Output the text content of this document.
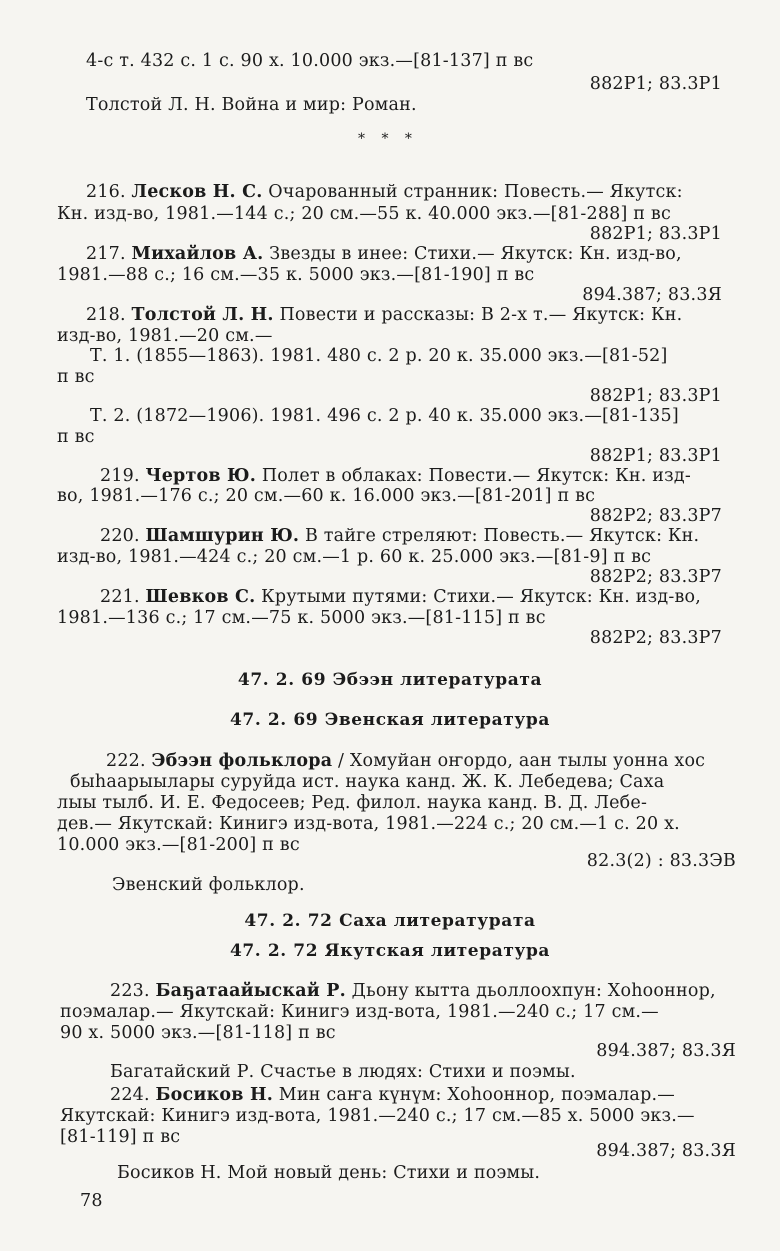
4-с т. 432 с. 1 с. 90 х. 10.000 экз.—[81-137] п вс
882Р1; 83.3Р1
Толстой Л. Н. Война и мир: Роман.
* * *
216. Лесков Н. С. Очарованный странник: Повесть.— Якутск:
Кн. изд-во, 1981.—144 с.; 20 см.—55 к. 40.000 экз.—[81-288] п вс
882Р1; 83.3Р1
217. Михайлов А. Звезды в инее: Стихи.— Якутск: Кн. изд-во,
1981.—88 с.; 16 см.—35 к. 5000 экз.—[81-190] п вс
894.387; 83.3Я
218. Толстой Л. Н. Повести и рассказы: В 2-х т.— Якутск: Кн.
изд-во, 1981.—20 см.—
Т. 1. (1855—1863). 1981. 480 с. 2 р. 20 к. 35.000 экз.—[81-52]
п вс
882Р1; 83.3Р1
Т. 2. (1872—1906). 1981. 496 с. 2 р. 40 к. 35.000 экз.—[81-135]
п вс
882Р1; 83.3Р1
219. Чертов Ю. Полет в облаках: Повести.— Якутск: Кн. изд-
во, 1981.—176 с.; 20 см.—60 к. 16.000 экз.—[81-201] п вс
882Р2; 83.3Р7
220. Шамшурин Ю. В тайге стреляют: Повесть.— Якутск: Кн.
изд-во, 1981.—424 с.; 20 см.—1 р. 60 к. 25.000 экз.—[81-9] п вс
882Р2; 83.3Р7
221. Шевков С. Крутыми путями: Стихи.— Якутск: Кн. изд-во,
1981.—136 с.; 17 см.—75 к. 5000 экз.—[81-115] п вс
882Р2; 83.3Р7
47. 2. 69 Эбээн литературата
47. 2. 69 Эвенская литература
222. Эбээн фольклора / Хомуйан оҥордо, аан тылы уонна хос
быһаарыылары суруйда ист. наука канд. Ж. К. Лебедева; Саха
лыы тылб. И. Е. Федосеев; Ред. филол. наука канд. В. Д. Лебе-
дев.— Якутскай: Кинигэ изд-вота, 1981.—224 с.; 20 см.—1 с. 20 х.
10.000 экз.—[81-200] п вс
82.3(2) : 83.3ЭВ
Эвенский фольклор.
47. 2. 72 Саха литературата
47. 2. 72 Якутская литература
223. Баҕатаайыскай Р. Дьону кытта дьоллоохпун: Хоһооннор,
поэмалар.— Якутскай: Кинигэ изд-вота, 1981.—240 с.; 17 см.—
90 х. 5000 экз.—[81-118] п вс
894.387; 83.3Я
Багатайский Р. Счастье в людях: Стихи и поэмы.
224. Босиков Н. Мин саҥа күнүм: Хоһооннор, поэмалар.—
Якутскай: Кинигэ изд-вота, 1981.—240 с.; 17 см.—85 х. 5000 экз.—
[81-119] п вс
894.387; 83.3Я
Босиков Н. Мой новый день: Стихи и поэмы.
78
